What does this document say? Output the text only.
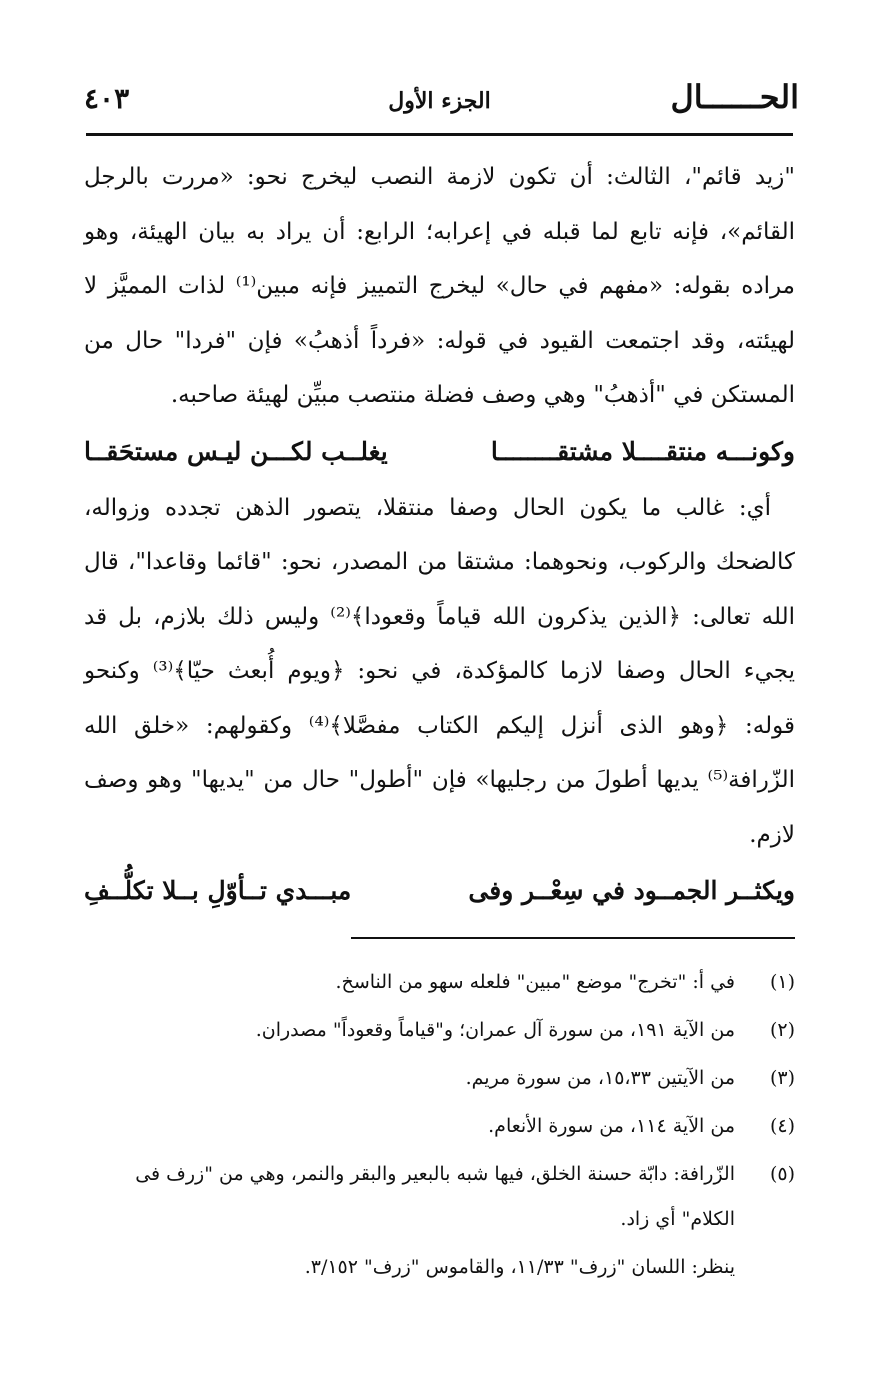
الحــــــال
الجزء الأول
٤٠٣

"زيد قائم"، الثالث: أن تكون لازمة النصب ليخرج نحو: «مررت بالرجل القائم»، فإنه تابع لما قبله في إعرابه؛ الرابع: أن يراد به بيان الهيئة، وهو مراده بقوله: «مفهم في حال» ليخرج التمييز فإنه مبين⁽¹⁾ لذات المميَّز لا لهيئته، وقد اجتمعت القيود في قوله: «فرداً أذهبُ» فإن "فردا" حال من المستكن في "أذهبُ" وهي وصف فضلة منتصب مبيِّن لهيئة صاحبه.

وكونـــه منتقــــلا مشتقــــــــا
يغلــب لكـــن ليـس مستحَقــا

أي: غالب ما يكون الحال وصفا منتقلا، يتصور الذهن تجدده وزواله، كالضحك والركوب، ونحوهما: مشتقا من المصدر، نحو: "قائما وقاعدا"، قال الله تعالى: ﴿الذين يذكرون الله قياماً وقعودا﴾⁽²⁾ وليس ذلك بلازم، بل قد يجيء الحال وصفا لازما كالمؤكدة، في نحو: ﴿ويوم أُبعث حيّا﴾⁽³⁾ وكنحو قوله: ﴿وهو الذى أنزل إليكم الكتاب مفصَّلا﴾⁽⁴⁾ وكقولهم: «خلق الله الزّرافة⁽⁵⁾ يديها أطولَ من رجليها» فإن "أطول" حال من "يديها" وهو وصف لازم.

ويكثــر الجمــود في سِعْــر وفى
مبـــدي تــأوّلِ بــلا تكلُّــفِ

(١)
في أ: "تخرج" موضع "مبين" فلعله سهو من الناسخ.

(٢)
من الآية ١٩١، من سورة آل عمران؛ و"قياماً وقعوداً" مصدران.

(٣)
من الآيتين ١٥،٣٣، من سورة مريم.

(٤)
من الآية ١١٤، من سورة الأنعام.

(٥)
الزّرافة: دابّة حسنة الخلق، فيها شبه بالبعير والبقر والنمر، وهي من "زرف فى الكلام" أي زاد.

ينظر: اللسان "زرف" ١١/٣٣، والقاموس "زرف" ٣/١٥٢.
